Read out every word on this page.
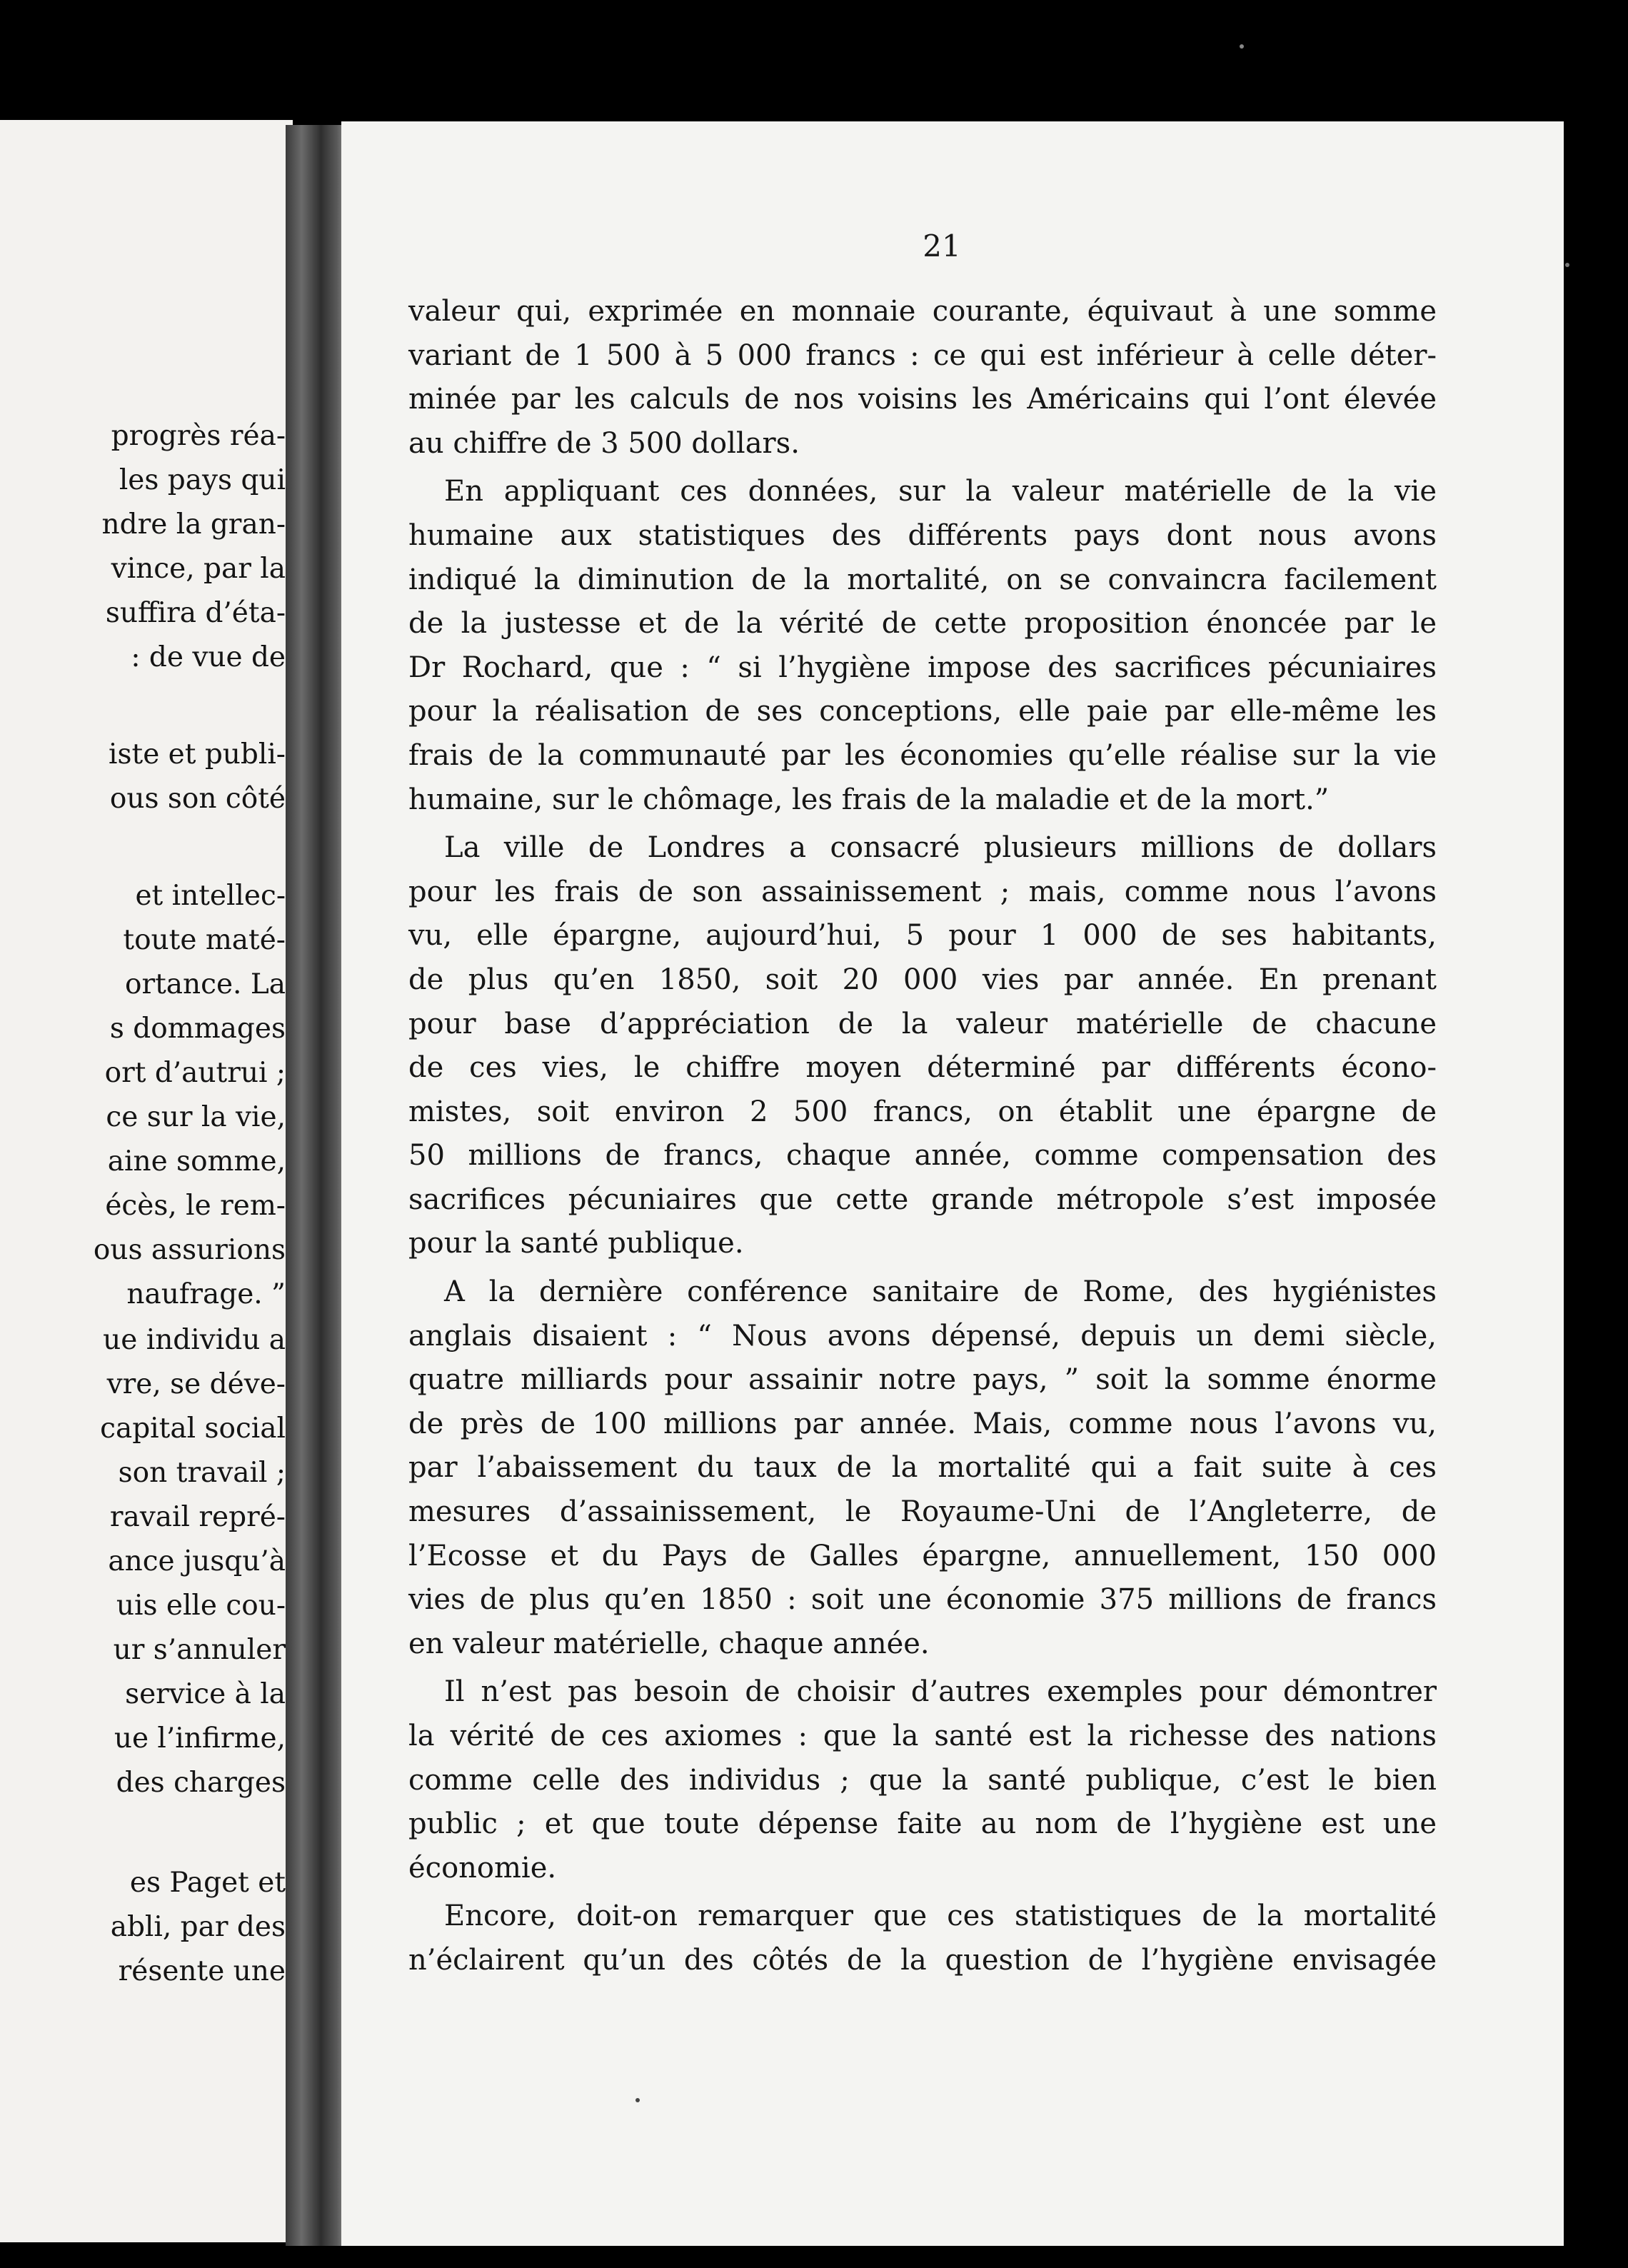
progrès réa-
les pays qui
ndre la gran-
vince, par la
suffira d’éta-
: de vue de
iste et publi-
ous son côté
et intellec-
toute maté-
ortance. La
s dommages
ort d’autrui ;
ce sur la vie,
aine somme,
écès, le rem-
ous assurions
naufrage. ”
ue individu a
vre, se déve-
capital social
son travail ;
ravail repré-
ance jusqu’à
uis elle cou-
ur s’annuler
service à la
ue l’infirme,
des charges
es Paget et
abli, par des
résente une
21
valeur qui, exprimée en monnaie courante, équivaut à une somme
variant de 1 500 à 5 000 francs : ce qui est inférieur à celle déter-
minée par les calculs de nos voisins les Américains qui l’ont élevée
au chiffre de 3 500 dollars.
En appliquant ces données, sur la valeur matérielle de la vie
humaine aux statistiques des différents pays dont nous avons
indiqué la diminution de la mortalité, on se convaincra facilement
de la justesse et de la vérité de cette proposition énoncée par le
Dr Rochard, que : “ si l’hygiène impose des sacrifices pécuniaires
pour la réalisation de ses conceptions, elle paie par elle-même les
frais de la communauté par les économies qu’elle réalise sur la vie
humaine, sur le chômage, les frais de la maladie et de la mort.”
La ville de Londres a consacré plusieurs millions de dollars
pour les frais de son assainissement ; mais, comme nous l’avons
vu, elle épargne, aujourd’hui, 5 pour 1 000 de ses habitants,
de plus qu’en 1850, soit 20 000 vies par année. En prenant
pour base d’appréciation de la valeur matérielle de chacune
de ces vies, le chiffre moyen déterminé par différents écono-
mistes, soit environ 2 500 francs, on établit une épargne de
50 millions de francs, chaque année, comme compensation des
sacrifices pécuniaires que cette grande métropole s’est imposée
pour la santé publique.
A la dernière conférence sanitaire de Rome, des hygiénistes
anglais disaient : “ Nous avons dépensé, depuis un demi siècle,
quatre milliards pour assainir notre pays, ” soit la somme énorme
de près de 100 millions par année. Mais, comme nous l’avons vu,
par l’abaissement du taux de la mortalité qui a fait suite à ces
mesures d’assainissement, le Royaume-Uni de l’Angleterre, de
l’Ecosse et du Pays de Galles épargne, annuellement, 150 000
vies de plus qu’en 1850 : soit une économie 375 millions de francs
en valeur matérielle, chaque année.
Il n’est pas besoin de choisir d’autres exemples pour démontrer
la vérité de ces axiomes : que la santé est la richesse des nations
comme celle des individus ; que la santé publique, c’est le bien
public ; et que toute dépense faite au nom de l’hygiène est une
économie.
Encore, doit-on remarquer que ces statistiques de la mortalité
n’éclairent qu’un des côtés de la question de l’hygiène envisagée
